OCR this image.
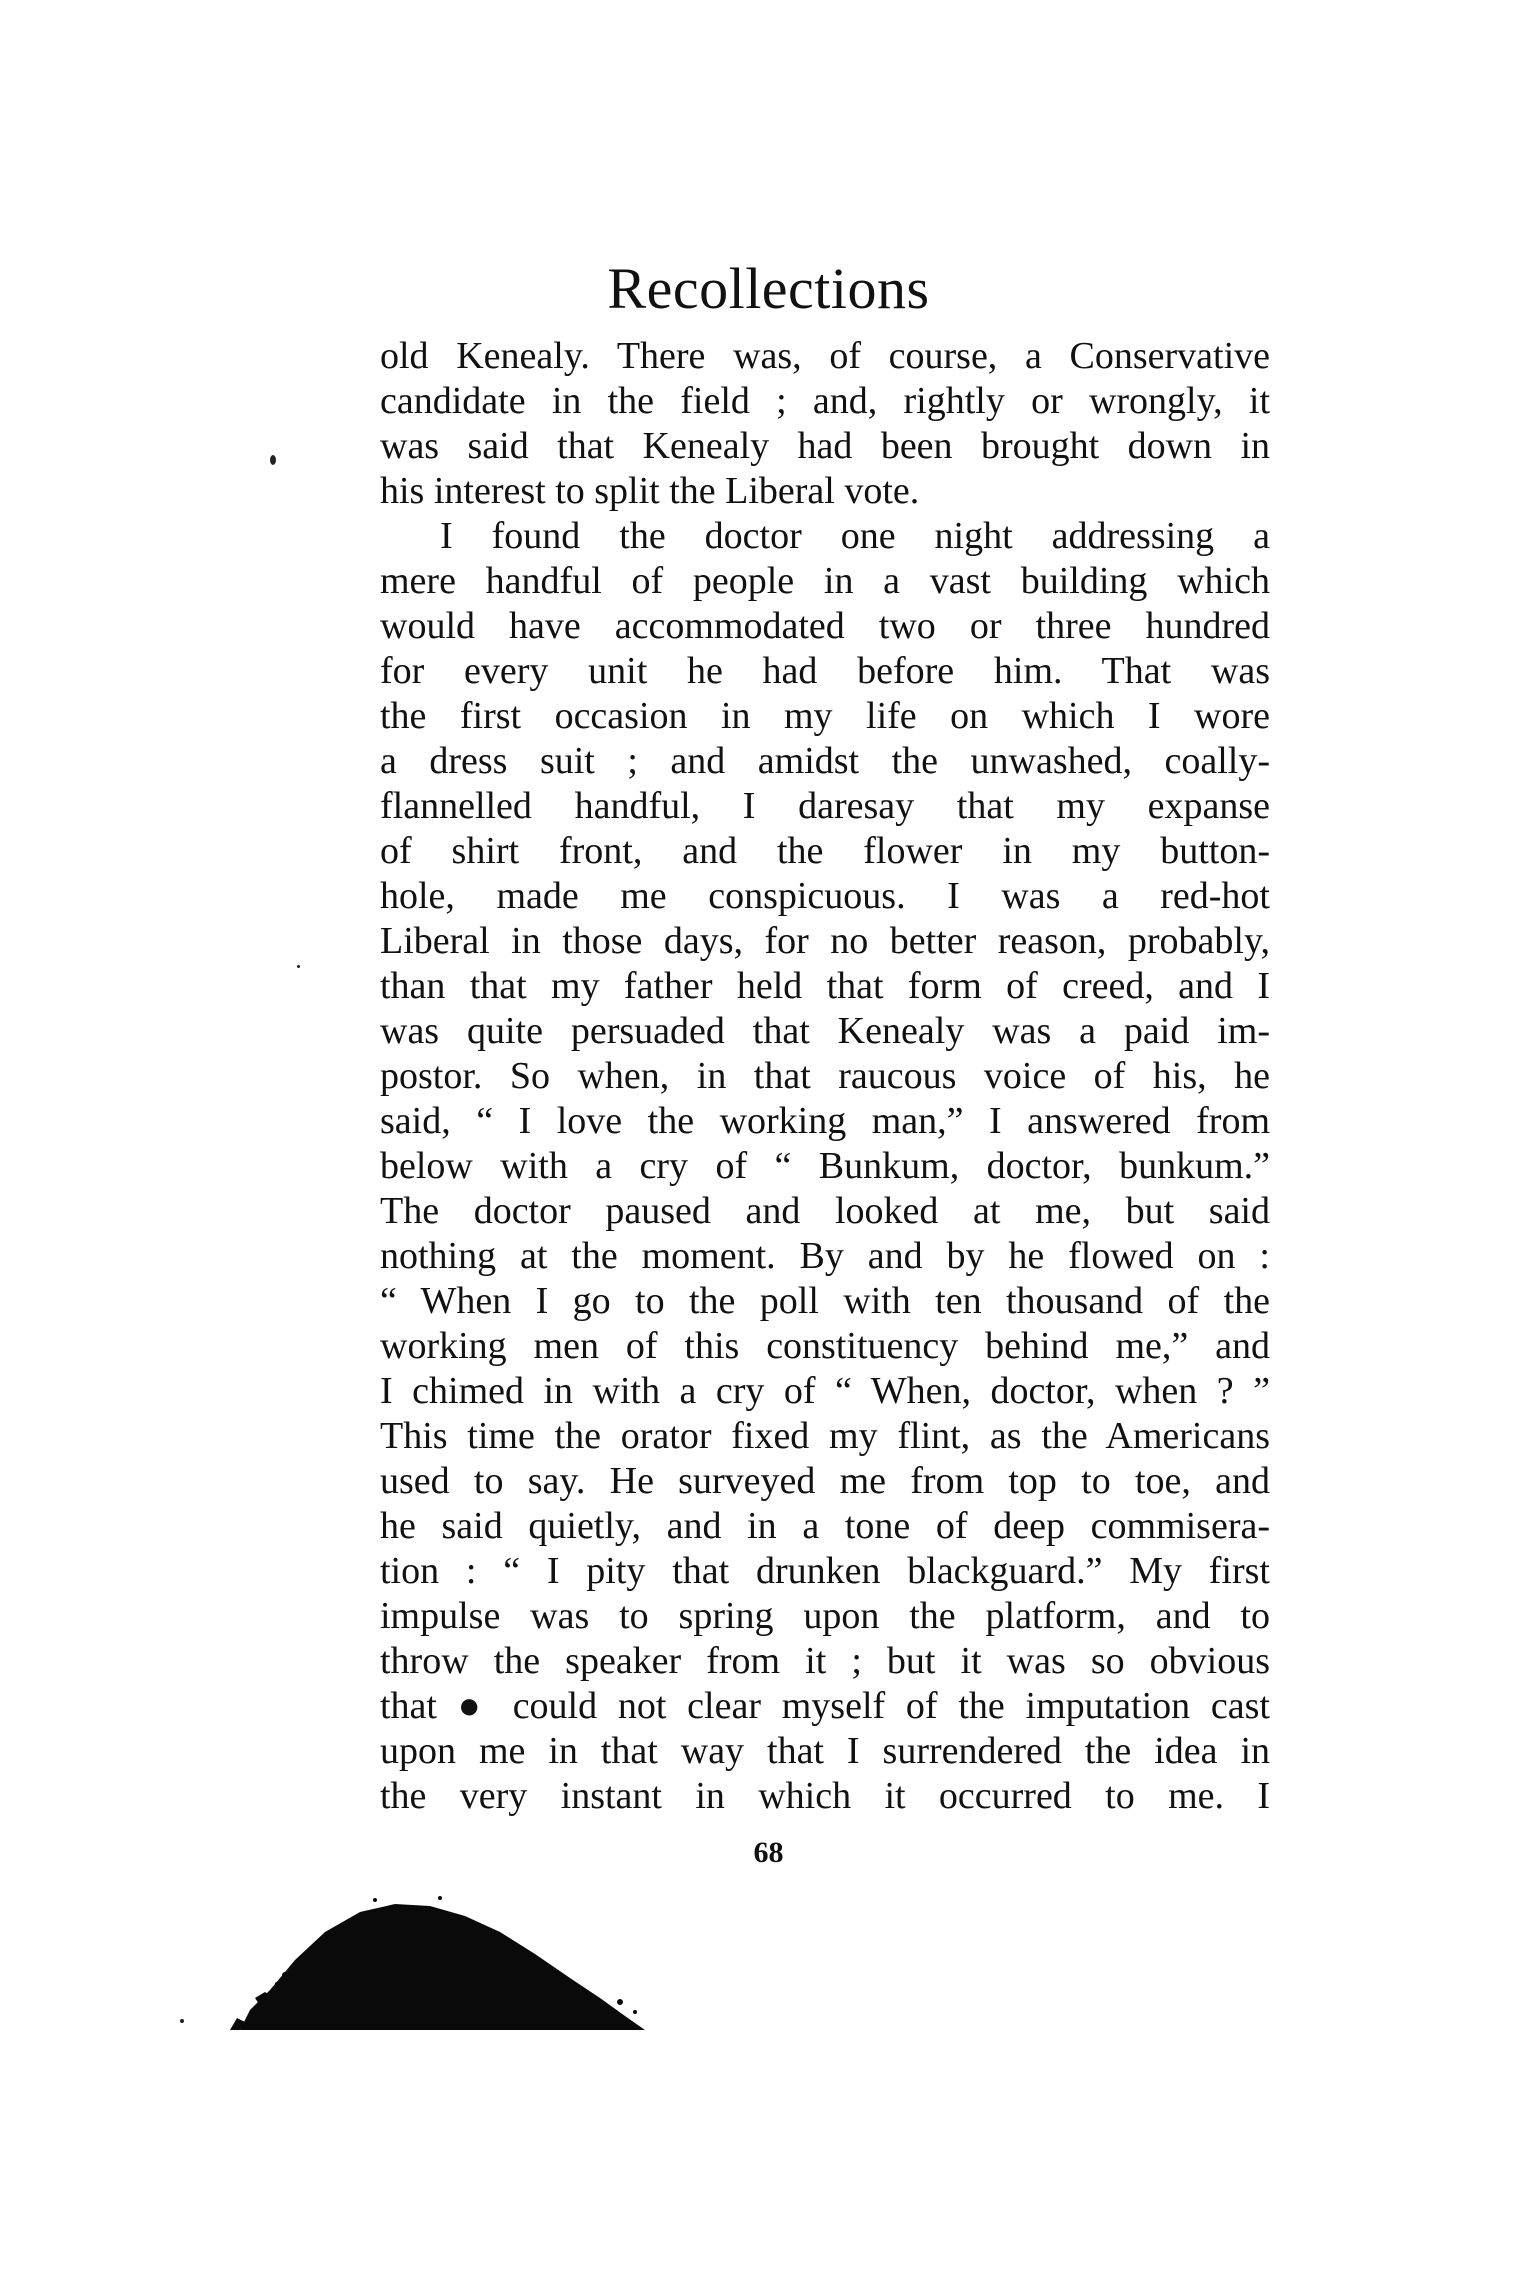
Recollections
old Kenealy. There was, of course, a Conservative
candidate in the field ; and, rightly or wrongly, it
was said that Kenealy had been brought down in
his interest to split the Liberal vote.
I found the doctor one night addressing a
mere handful of people in a vast building which
would have accommodated two or three hundred
for every unit he had before him. That was
the first occasion in my life on which I wore
a dress suit ; and amidst the unwashed, coally-
flannelled handful, I daresay that my expanse
of shirt front, and the flower in my button-
hole, made me conspicuous. I was a red-hot
Liberal in those days, for no better reason, probably,
than that my father held that form of creed, and I
was quite persuaded that Kenealy was a paid im-
postor. So when, in that raucous voice of his, he
said, “ I love the working man,” I answered from
below with a cry of “ Bunkum, doctor, bunkum.”
The doctor paused and looked at me, but said
nothing at the moment. By and by he flowed on :
“ When I go to the poll with ten thousand of the
working men of this constituency behind me,” and
I chimed in with a cry of “ When, doctor, when ? ”
This time the orator fixed my flint, as the Americans
used to say. He surveyed me from top to toe, and
he said quietly, and in a tone of deep commisera-
tion : “ I pity that drunken blackguard.” My first
impulse was to spring upon the platform, and to
throw the speaker from it ; but it was so obvious
that ● could not clear myself of the imputation cast
upon me in that way that I surrendered the idea in
the very instant in which it occurred to me. I
68
